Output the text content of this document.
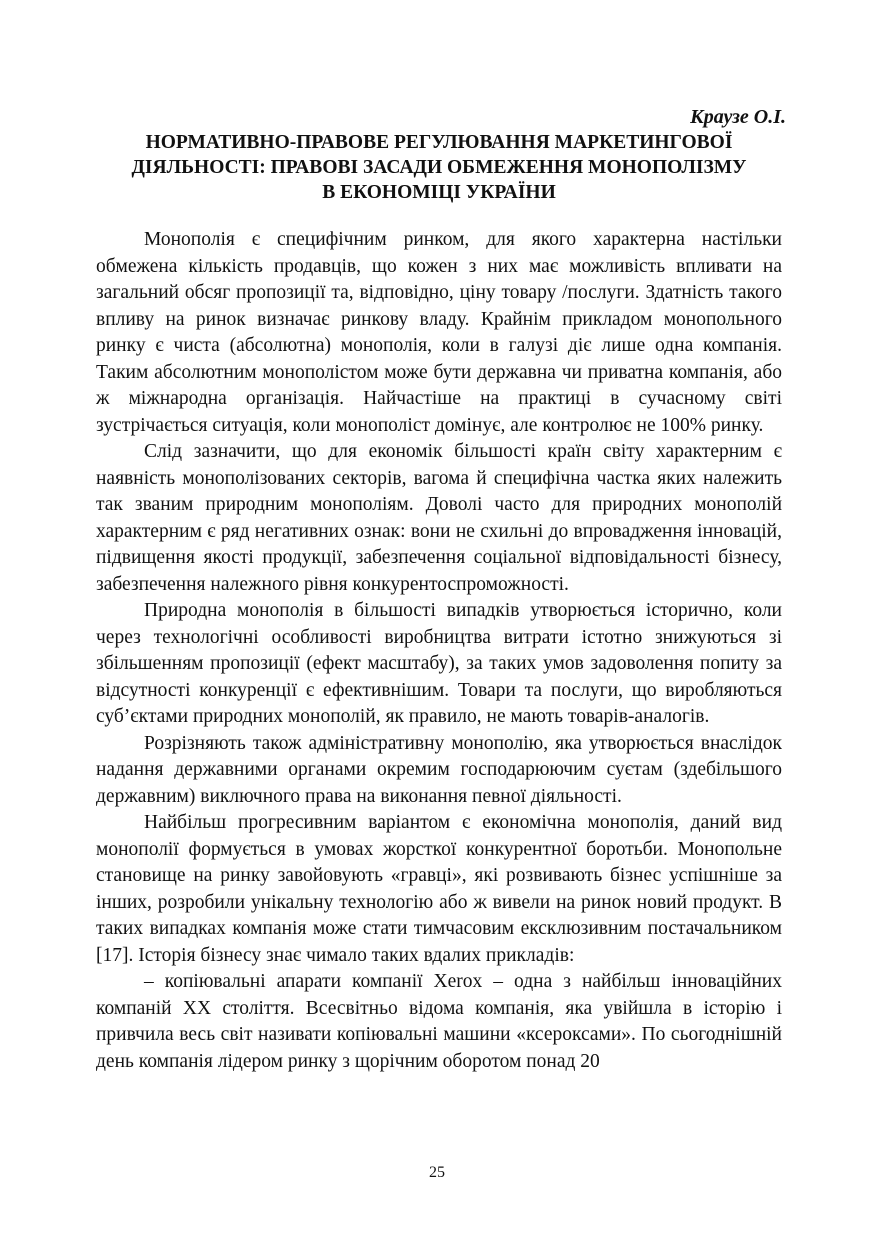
Краузе О.І.
НОРМАТИВНО-ПРАВОВЕ РЕГУЛЮВАННЯ МАРКЕТИНГОВОЇ
ДІЯЛЬНОСТІ: ПРАВОВІ ЗАСАДИ ОБМЕЖЕННЯ МОНОПОЛІЗМУ
В ЕКОНОМІЦІ УКРАЇНИ

Монополія є специфічним ринком, для якого характерна настільки обмежена кількість продавців, що кожен з них має можливість впливати на загальний обсяг пропозиції та, відповідно, ціну товару /послуги. Здатність такого впливу на ринок визначає ринкову владу. Крайнім прикладом монопольного ринку є чиста (абсолютна) монополія, коли в галузі діє лише одна компанія. Таким абсолютним монополістом може бути державна чи приватна компанія, або ж міжнародна організація. Найчастіше на практиці в сучасному світі зустрічається ситуація, коли монополіст домінує, але контролює не 100% ринку.

Слід зазначити, що для економік більшості країн світу характерним є наявність монополізованих секторів, вагома й специфічна частка яких належить так званим природним монополіям. Доволі часто для природних монополій характерним є ряд негативних ознак: вони не схильні до впровадження інновацій, підвищення якості продукції, забезпечення соціальної відповідальності бізнесу, забезпечення належного рівня конкурентоспроможності.

Природна монополія в більшості випадків утворюється історично, коли через технологічні особливості виробництва витрати істотно знижуються зі збільшенням пропозиції (ефект масштабу), за таких умов задоволення попиту за відсутності конкуренції є ефективнішим. Товари та послуги, що виробляються суб’єктами природних монополій, як правило, не мають товарів-аналогів.

Розрізняють також адміністративну монополію, яка утворюється внаслідок надання державними органами окремим господарюючим суєтам (здебільшого державним) виключного права на виконання певної діяльності.

Найбільш прогресивним варіантом є економічна монополія, даний вид монополії формується в умовах жорсткої конкурентної боротьби. Монопольне становище на ринку завойовують «гравці», які розвивають бізнес успішніше за інших, розробили унікальну технологію або ж вивели на ринок новий продукт. В таких випадках компанія може стати тимчасовим ексклюзивним постачальником [17]. Історія бізнесу знає чимало таких вдалих прикладів:

– копіювальні апарати компанії Xerox – одна з найбільш інноваційних компаній XX століття. Всесвітньо відома компанія, яка увійшла в історію і привчила весь світ називати копіювальні машини «ксероксами». По сьогоднішній день компанія лідером ринку з щорічним оборотом понад 20

25
